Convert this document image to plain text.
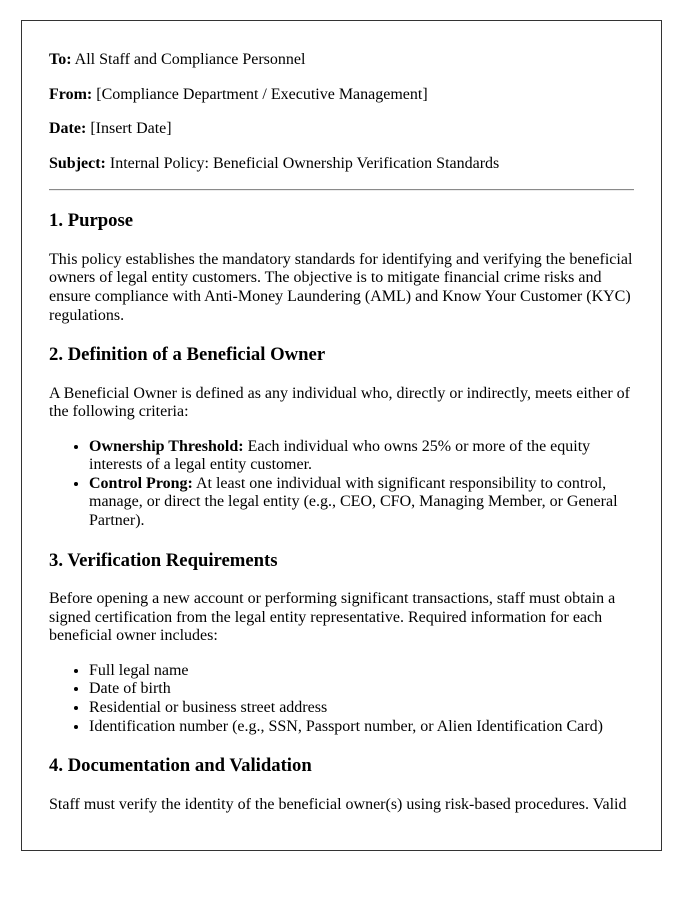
To: All Staff and Compliance Personnel

From: [Compliance Department / Executive Management]

Date: [Insert Date]

Subject: Internal Policy: Beneficial Ownership Verification Standards

1. Purpose

This policy establishes the mandatory standards for identifying and verifying the beneficial owners of legal entity customers. The objective is to mitigate financial crime risks and ensure compliance with Anti-Money Laundering (AML) and Know Your Customer (KYC) regulations.

2. Definition of a Beneficial Owner

A Beneficial Owner is defined as any individual who, directly or indirectly, meets either of the following criteria:

• Ownership Threshold: Each individual who owns 25% or more of the equity interests of a legal entity customer.
• Control Prong: At least one individual with significant responsibility to control, manage, or direct the legal entity (e.g., CEO, CFO, Managing Member, or General Partner).
3. Verification Requirements

Before opening a new account or performing significant transactions, staff must obtain a signed certification from the legal entity representative. Required information for each beneficial owner includes:

• Full legal name
• Date of birth
• Residential or business street address
• Identification number (e.g., SSN, Passport number, or Alien Identification Card)
4. Documentation and Validation

Staff must verify the identity of the beneficial owner(s) using risk-based procedures. Valid
